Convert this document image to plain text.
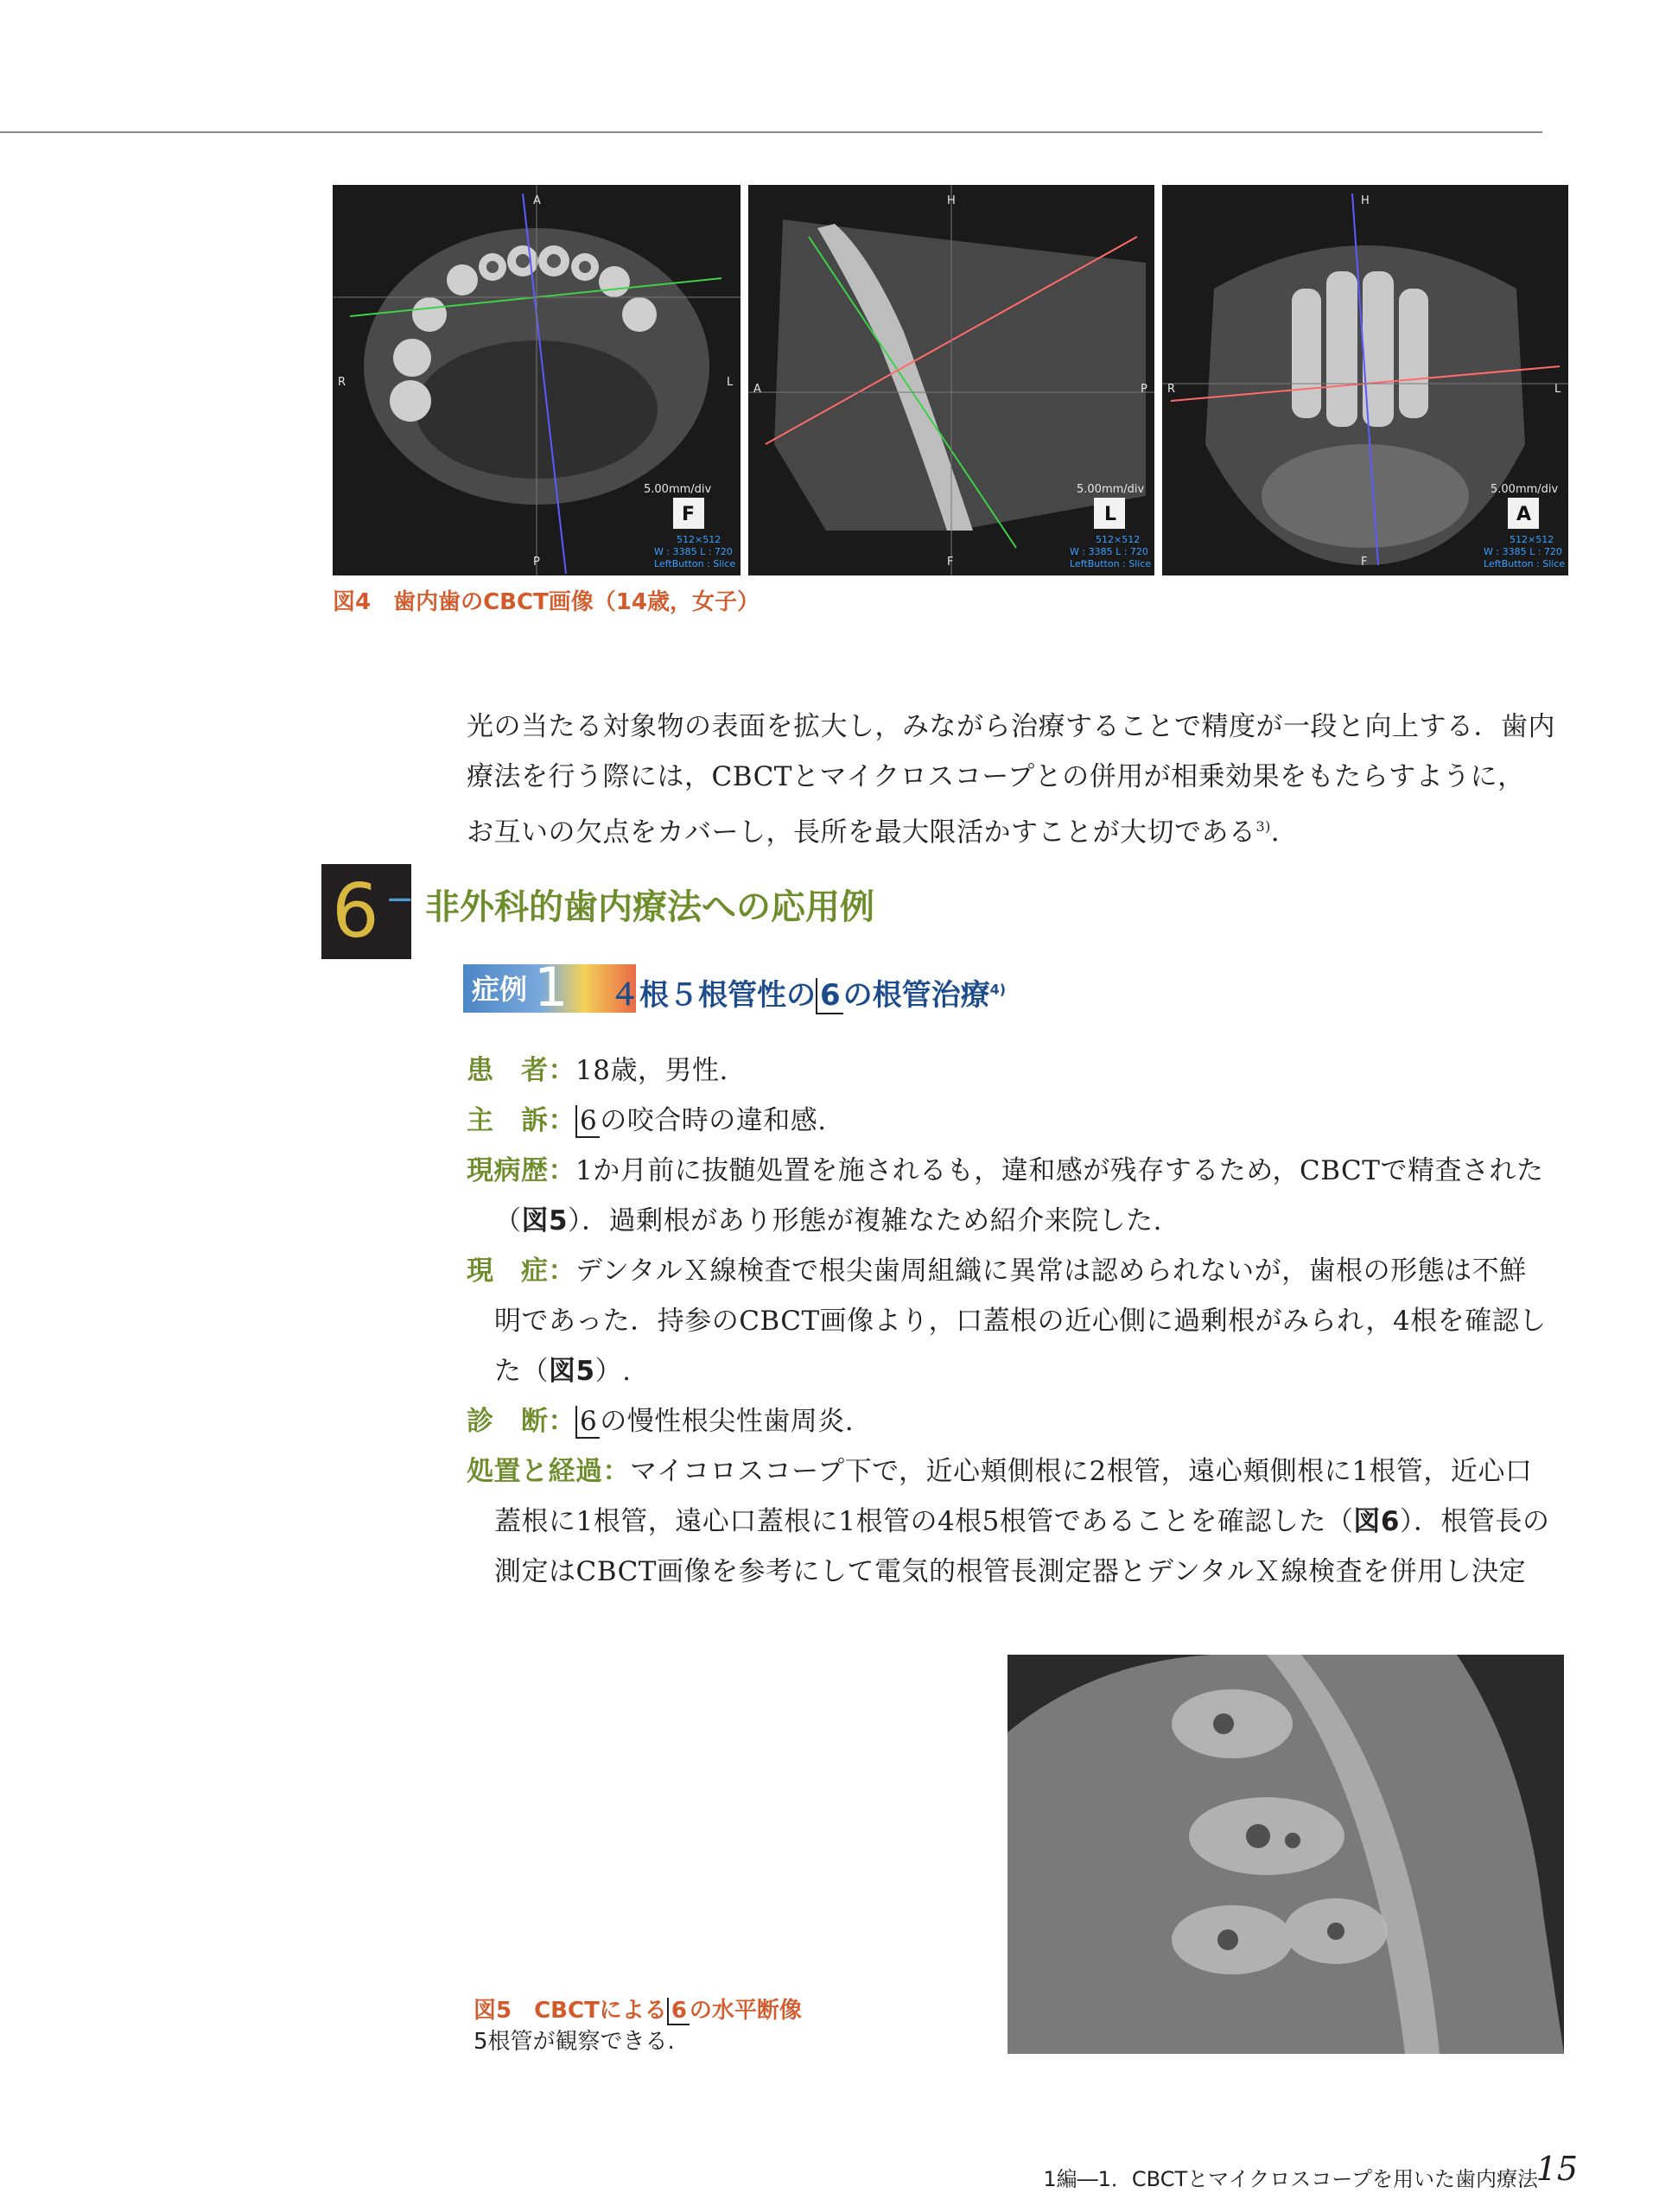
A
R	L
P
5.00mm/div
F
512×512
W : 3385 L : 720
LeftButton : Slice
H
A	P
F
5.00mm/div
L
512×512
W : 3385 L : 720
LeftButton : Slice
H
R	L
F
5.00mm/div
A
512×512
W : 3385 L : 720
LeftButton : Slice
図4　歯内歯のCBCT画像（14歳，女子）
光の当たる対象物の表面を拡大し，みながら治療することで精度が一段と向上する．歯内
療法を行う際には，CBCTとマイクロスコープとの併用が相乗効果をもたらすように，
お互いの欠点をカバーし，長所を最大限活かすことが大切である$^{3)}$．
6 − 非外科的歯内療法への応用例
症例 1 ４根５根管性の 6の根管治療$^{4)}$
患　者：18歳，男性.
主　訴： 6の咬合時の違和感.
現病歴：1か月前に抜髄処置を施されるも，違和感が残存するため，CBCTで精査された
（図5）．過剰根があり形態が複雑なため紹介来院した.
現　症：デンタルＸ線検査で根尖歯周組織に異常は認められないが，歯根の形態は不鮮
明であった．持参のCBCT画像より，口蓋根の近心側に過剰根がみられ，4根を確認し
た（図5）.
診　断： 6の慢性根尖性歯周炎.
処置と経過：マイコロスコープ下で，近心頬側根に2根管，遠心頬側根に1根管，近心口
蓋根に1根管，遠心口蓋根に1根管の4根5根管であることを確認した（図6）．根管長の
測定はCBCT画像を参考にして電気的根管長測定器とデンタルＸ線検査を併用し決定
図5　CBCTによる 6 の水平断像
5根管が観察できる.
1編―1．CBCTとマイクロスコープを用いた歯内療法
15
